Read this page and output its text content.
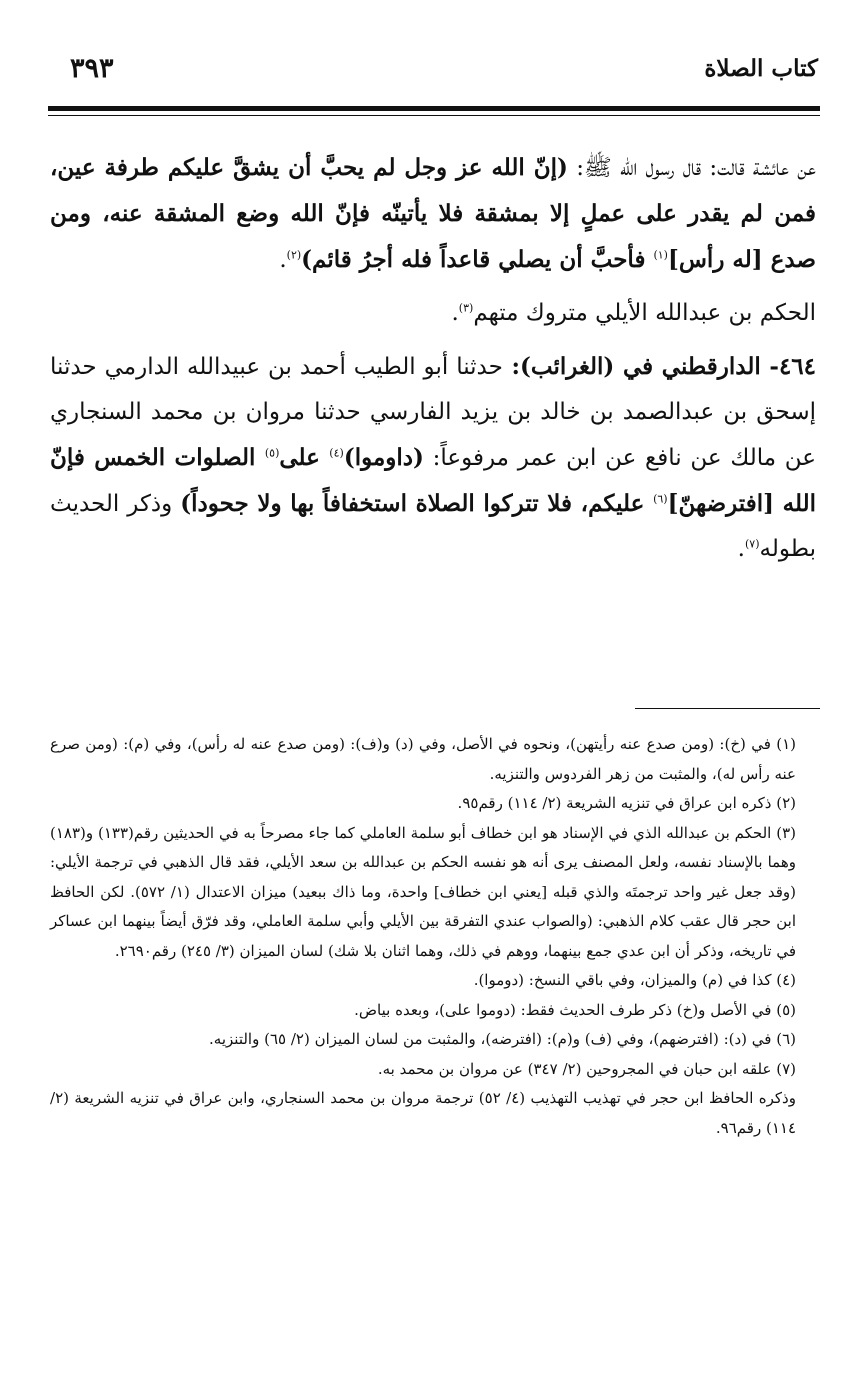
كتاب الصلاة
٣٩٣

عن عائشة قالت: قال رسول الله ﷺ: (إنّ الله عز وجل لم يحبَّ أن يشقَّ عليكم طرفة عين، فمن لم يقدر على عملٍ إلا بمشقة فلا يأتينّه فإنّ الله وضع المشقة عنه، ومن صدع [له رأس]$^{(١)}$ فأحبَّ أن يصلي قاعداً فله أجرُ قائم)$^{(٢)}$.

الحكم بن عبدالله الأيلي متروك متهم$^{(٣)}$.

٤٦٤- الدارقطني في (الغرائب): حدثنا أبو الطيب أحمد بن عبيدالله الدارمي حدثنا إسحق بن عبدالصمد بن خالد بن يزيد الفارسي حدثنا مروان بن محمد السنجاري عن مالك عن نافع عن ابن عمر مرفوعاً: (داوموا)$^{(٤)}$ على$^{(٥)}$ الصلوات الخمس فإنّ الله [افترضهنّ]$^{(٦)}$ عليكم، فلا تتركوا الصلاة استخفافاً بها ولا جحوداً) وذكر الحديث بطوله$^{(٧)}$.

(١) في (خ): (ومن صدع عنه رأيتهن)، ونحوه في الأصل، وفي (د) و(ف): (ومن صدع عنه له رأس)، وفي (م): (ومن صرع عنه رأس له)، والمثبت من زهر الفردوس والتنزيه.

(٢) ذكره ابن عراق في تنزيه الشريعة (٢/ ١١٤) رقم٩٥.

(٣) الحكم بن عبدالله الذي في الإسناد هو ابن خطاف أبو سلمة العاملي كما جاء مصرحاً به في الحديثين رقم(١٣٣) و(١٨٣) وهما بالإسناد نفسه، ولعل المصنف يرى أنه هو نفسه الحكم بن عبدالله بن سعد الأيلي، فقد قال الذهبي في ترجمة الأيلي: (وقد جعل غير واحد ترجمتَه والذي قبله [يعني ابن خطاف] واحدة، وما ذاك ببعيد) ميزان الاعتدال (١/ ٥٧٢). لكن الحافظ ابن حجر قال عقب كلام الذهبي: (والصواب عندي التفرقة بين الأيلي وأبي سلمة العاملي، وقد فرّق أيضاً بينهما ابن عساكر في تاريخه، وذكر أن ابن عدي جمع بينهما، ووهم في ذلك، وهما اثنان بلا شك) لسان الميزان (٣/ ٢٤٥) رقم٢٦٩٠.

(٤) كذا في (م) والميزان، وفي باقي النسخ: (دوموا).

(٥) في الأصل و(خ) ذكر طرف الحديث فقط: (دوموا على)، وبعده بياض.

(٦) في (د): (افترضهم)، وفي (ف) و(م): (افترضه)، والمثبت من لسان الميزان (٢/ ٦٥) والتنزيه.

(٧) علقه ابن حبان في المجروحين (٢/ ٣٤٧) عن مروان بن محمد به.

وذكره الحافظ ابن حجر في تهذيب التهذيب (٤/ ٥٢) ترجمة مروان بن محمد السنجاري، وابن عراق في تنزيه الشريعة (٢/ ١١٤) رقم٩٦.
